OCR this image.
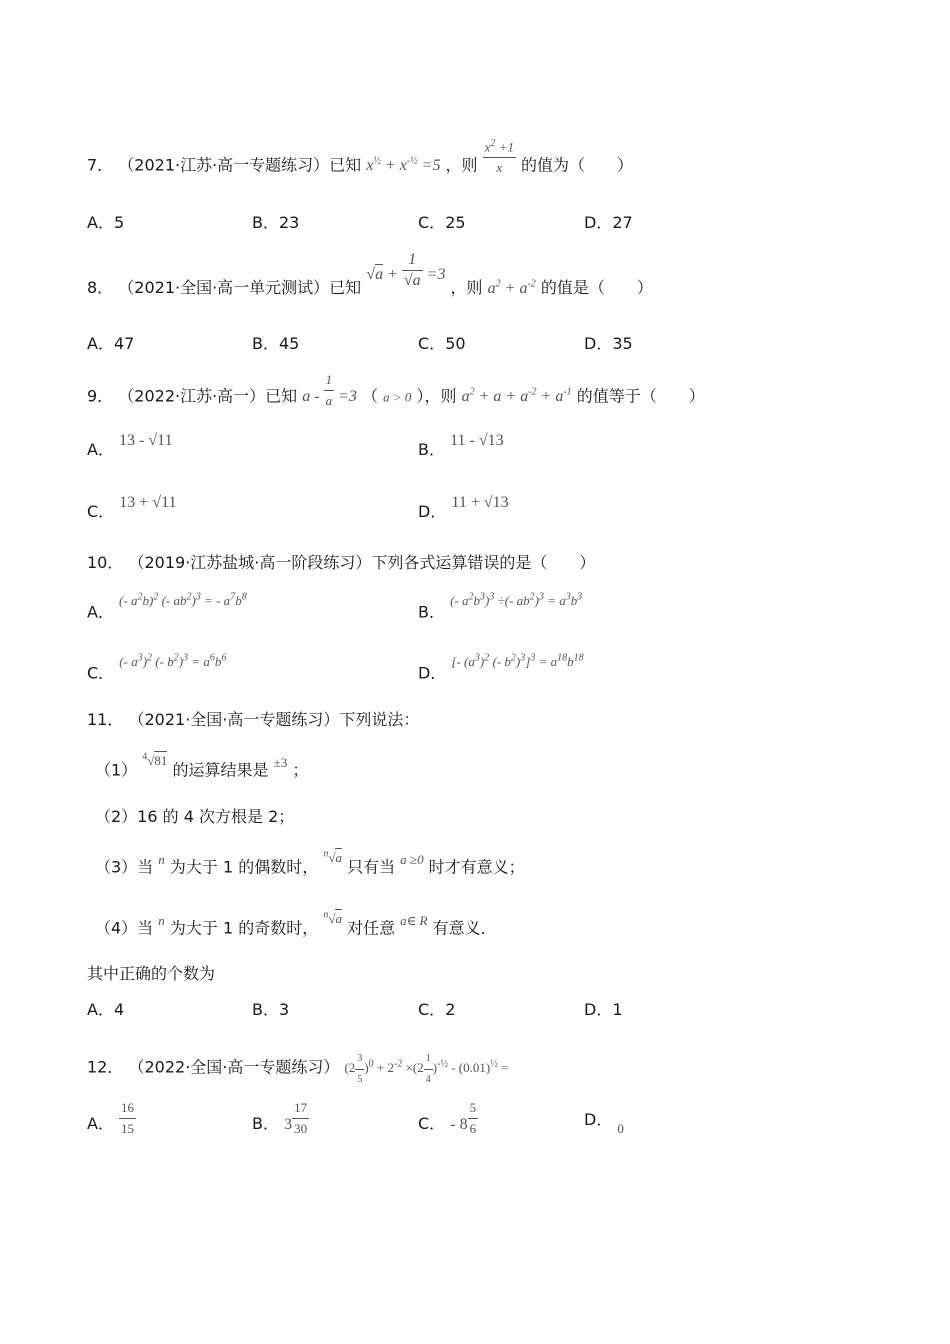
7． （2021·江苏·高一专题练习）已知 $x^{\frac{1}{2}} + x^{-\frac{1}{2}} =5$ ，则 $\frac{x^2 +1}{x}$ 的值为（　　）
A．5	B．23	C．25	D．27
8． （2021·全国·高一单元测试）已知 $√a + \frac{1}{√a} =3$ ，则 $a^2 + a^{-2}$ 的值是（　　）
A．47	B．45	C．50	D．35
9． （2022·江苏·高一）已知 $a - \frac{1}{a} =3$ （ a > 0 ），则 $a^2 + a + a^{-2} + a^{-1}$ 的值等于（　　）
A． 13 - √11	B． 11 - √13
C． 13 + √11	D． 11 + √13
10． （2019·江苏盐城·高一阶段练习）下列各式运算错误的是（　　）
A． $^{(- a^2b)^2 (- ab^2)^3 = - a^7b^8}$
B． $^{(- a^2b^3)^3 \div(- ab^2)^3 = a^3b^3}$
C． $^{(- a^3)^2 (- b^2)^3 = a^6b^6}$
D． $^{[- (a^3)^2 (- b^2)^3]^3 = a^{18}b^{18}}$
11． （2021·全国·高一专题练习）下列说法：
（1） $^{^4√81}$ 的运算结果是 $^{\pm 3}$ ；
（2）16 的 4 次方根是 2；
（3）当 $^n$ 为大于 1 的偶数时， $^{^n√a}$ 只有当 $^{a \ge 0}$ 时才有意义；
（4）当 $^n$ 为大于 1 的奇数时， $^{^n√a}$ 对任意 $^{a\in R}$ 有意义．
其中正确的个数为
A．4	B．3	C．2	D．1
12． （2022·全国·高一专题练习） $(2 \frac{3}{5} )^0 + 2^{-2} \times(2 \frac{1}{4} )^{-\frac{1}{2}} - (0.01)^{\frac{1}{2}}$ =
A． $\frac{16}{15}$	B． $3 \frac{17}{30}$	C． - $8 \frac{5}{6}$	D． $_0$
